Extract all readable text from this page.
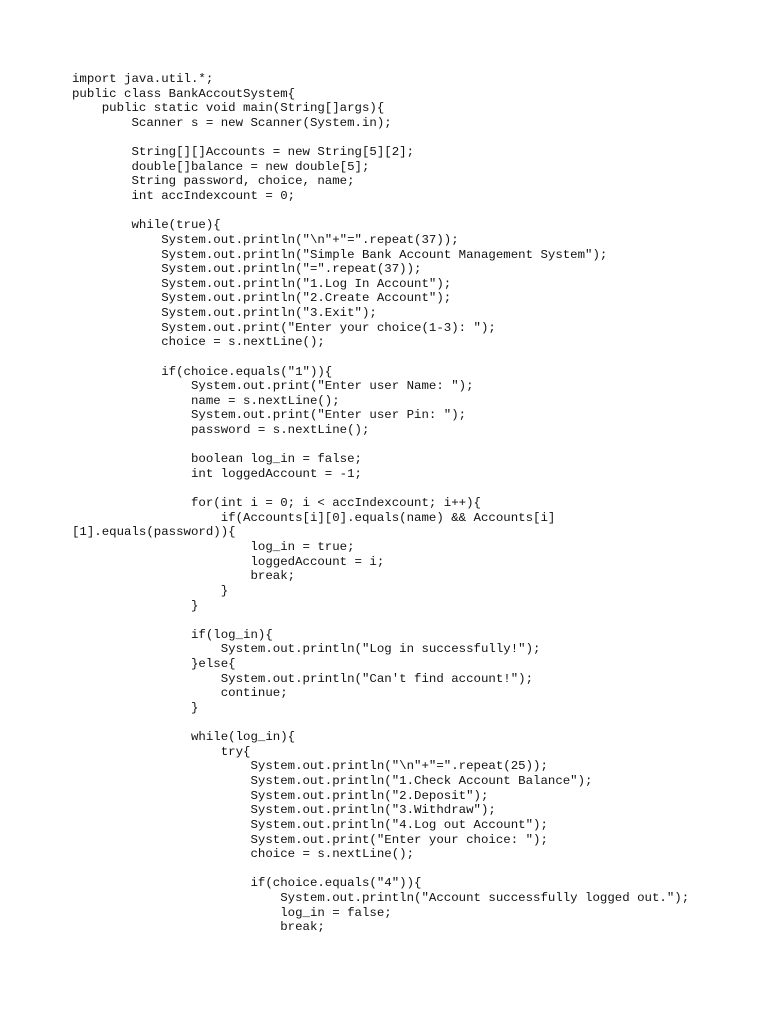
import java.util.*;
public class BankAccoutSystem{
public static void main(String[]args){
Scanner s = new Scanner(System.in);
String[][]Accounts = new String[5][2];
double[]balance = new double[5];
String password, choice, name;
int accIndexcount = 0;
while(true){
System.out.println("\n"+"=".repeat(37));
System.out.println("Simple Bank Account Management System");
System.out.println("=".repeat(37));
System.out.println("1.Log In Account");
System.out.println("2.Create Account");
System.out.println("3.Exit");
System.out.print("Enter your choice(1-3): ");
choice = s.nextLine();
if(choice.equals("1")){
System.out.print("Enter user Name: ");
name = s.nextLine();
System.out.print("Enter user Pin: ");
password = s.nextLine();
boolean log_in = false;
int loggedAccount = -1;
for(int i = 0; i < accIndexcount; i++){
if(Accounts[i][0].equals(name) && Accounts[i]
[1].equals(password)){
log_in = true;
loggedAccount = i;
break;
}
}
if(log_in){
System.out.println("Log in successfully!");
}else{
System.out.println("Can't find account!");
continue;
}
while(log_in){
try{
System.out.println("\n"+"=".repeat(25));
System.out.println("1.Check Account Balance");
System.out.println("2.Deposit");
System.out.println("3.Withdraw");
System.out.println("4.Log out Account");
System.out.print("Enter your choice: ");
choice = s.nextLine();
if(choice.equals("4")){
System.out.println("Account successfully logged out.");
log_in = false;
break;
